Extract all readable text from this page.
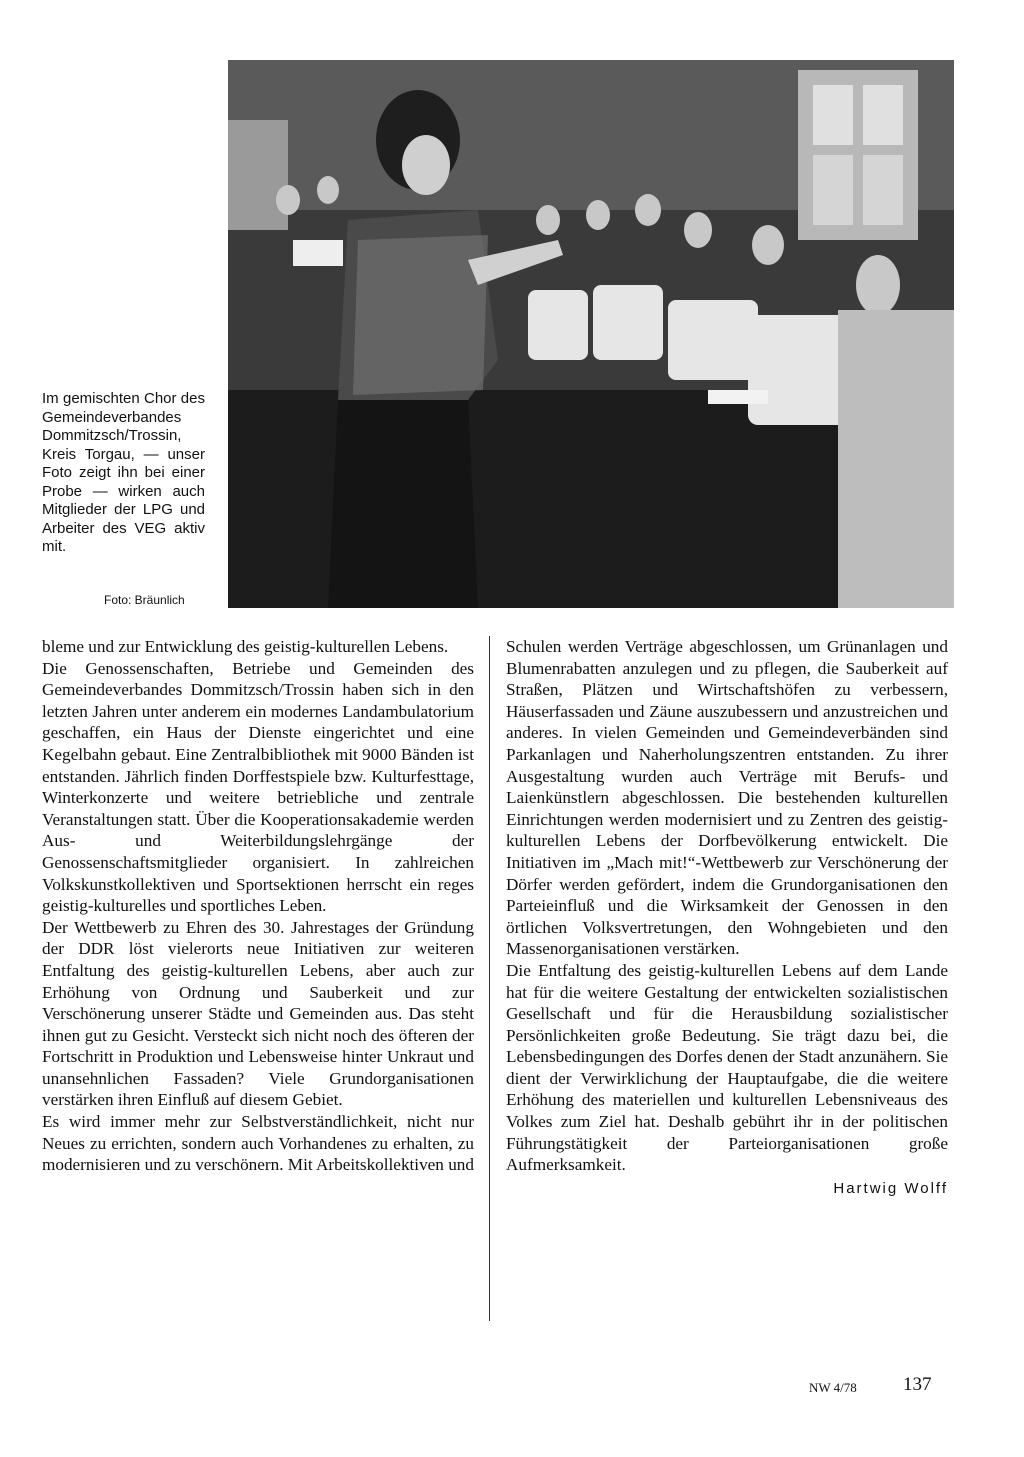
Im gemischten Chor des Gemeindeverbandes Dommitzsch/Trossin, Kreis Torgau, — unser Foto zeigt ihn bei einer Probe — wirken auch Mitglieder der LPG und Arbeiter des VEG aktiv mit.
Foto: Bräunlich

bleme und zur Entwicklung des geistig-kulturellen Lebens.

Die Genossenschaften, Betriebe und Gemeinden des Gemeindeverbandes Dommitzsch/Trossin haben sich in den letzten Jahren unter anderem ein modernes Landambulatorium geschaffen, ein Haus der Dienste eingerichtet und eine Kegelbahn gebaut. Eine Zentralbibliothek mit 9000 Bänden ist entstanden. Jährlich finden Dorffestspiele bzw. Kulturfesttage, Winterkonzerte und weitere betriebliche und zentrale Veranstaltungen statt. Über die Kooperationsakademie werden Aus- und Weiterbildungslehrgänge der Genossenschaftsmitglieder organisiert. In zahlreichen Volkskunstkollektiven und Sportsektionen herrscht ein reges geistig-kulturelles und sportliches Leben.

Der Wettbewerb zu Ehren des 30. Jahrestages der Gründung der DDR löst vielerorts neue Initiativen zur weiteren Entfaltung des geistig-kulturellen Lebens, aber auch zur Erhöhung von Ordnung und Sauberkeit und zur Verschönerung unserer Städte und Gemeinden aus. Das steht ihnen gut zu Gesicht. Versteckt sich nicht noch des öfteren der Fortschritt in Produktion und Lebensweise hinter Unkraut und unansehnlichen Fassaden? Viele Grundorganisationen verstärken ihren Einfluß auf diesem Gebiet.

Es wird immer mehr zur Selbstverständlichkeit, nicht nur Neues zu errichten, sondern auch Vorhandenes zu erhalten, zu modernisieren und zu verschönern. Mit Arbeitskollektiven und

Schulen werden Verträge abgeschlossen, um Grünanlagen und Blumenrabatten anzulegen und zu pflegen, die Sauberkeit auf Straßen, Plätzen und Wirtschaftshöfen zu verbessern, Häuserfassaden und Zäune auszubessern und anzustreichen und anderes. In vielen Gemeinden und Gemeindeverbänden sind Parkanlagen und Naherholungszentren entstanden. Zu ihrer Ausgestaltung wurden auch Verträge mit Berufs- und Laienkünstlern abgeschlossen. Die bestehenden kulturellen Einrichtungen werden modernisiert und zu Zentren des geistig-kulturellen Lebens der Dorfbevölkerung entwickelt. Die Initiativen im „Mach mit!“-Wettbewerb zur Verschönerung der Dörfer werden gefördert, indem die Grundorganisationen den Parteieinfluß und die Wirksamkeit der Genossen in den örtlichen Volksvertretungen, den Wohngebieten und den Massenorganisationen verstärken.

Die Entfaltung des geistig-kulturellen Lebens auf dem Lande hat für die weitere Gestaltung der entwickelten sozialistischen Gesellschaft und für die Herausbildung sozialistischer Persönlichkeiten große Bedeutung. Sie trägt dazu bei, die Lebensbedingungen des Dorfes denen der Stadt anzunähern. Sie dient der Verwirklichung der Hauptaufgabe, die die weitere Erhöhung des materiellen und kulturellen Lebensniveaus des Volkes zum Ziel hat. Deshalb gebührt ihr in der politischen Führungstätigkeit der Parteiorganisationen große Aufmerksamkeit.

Hartwig Wolff
NW 4/78 137
